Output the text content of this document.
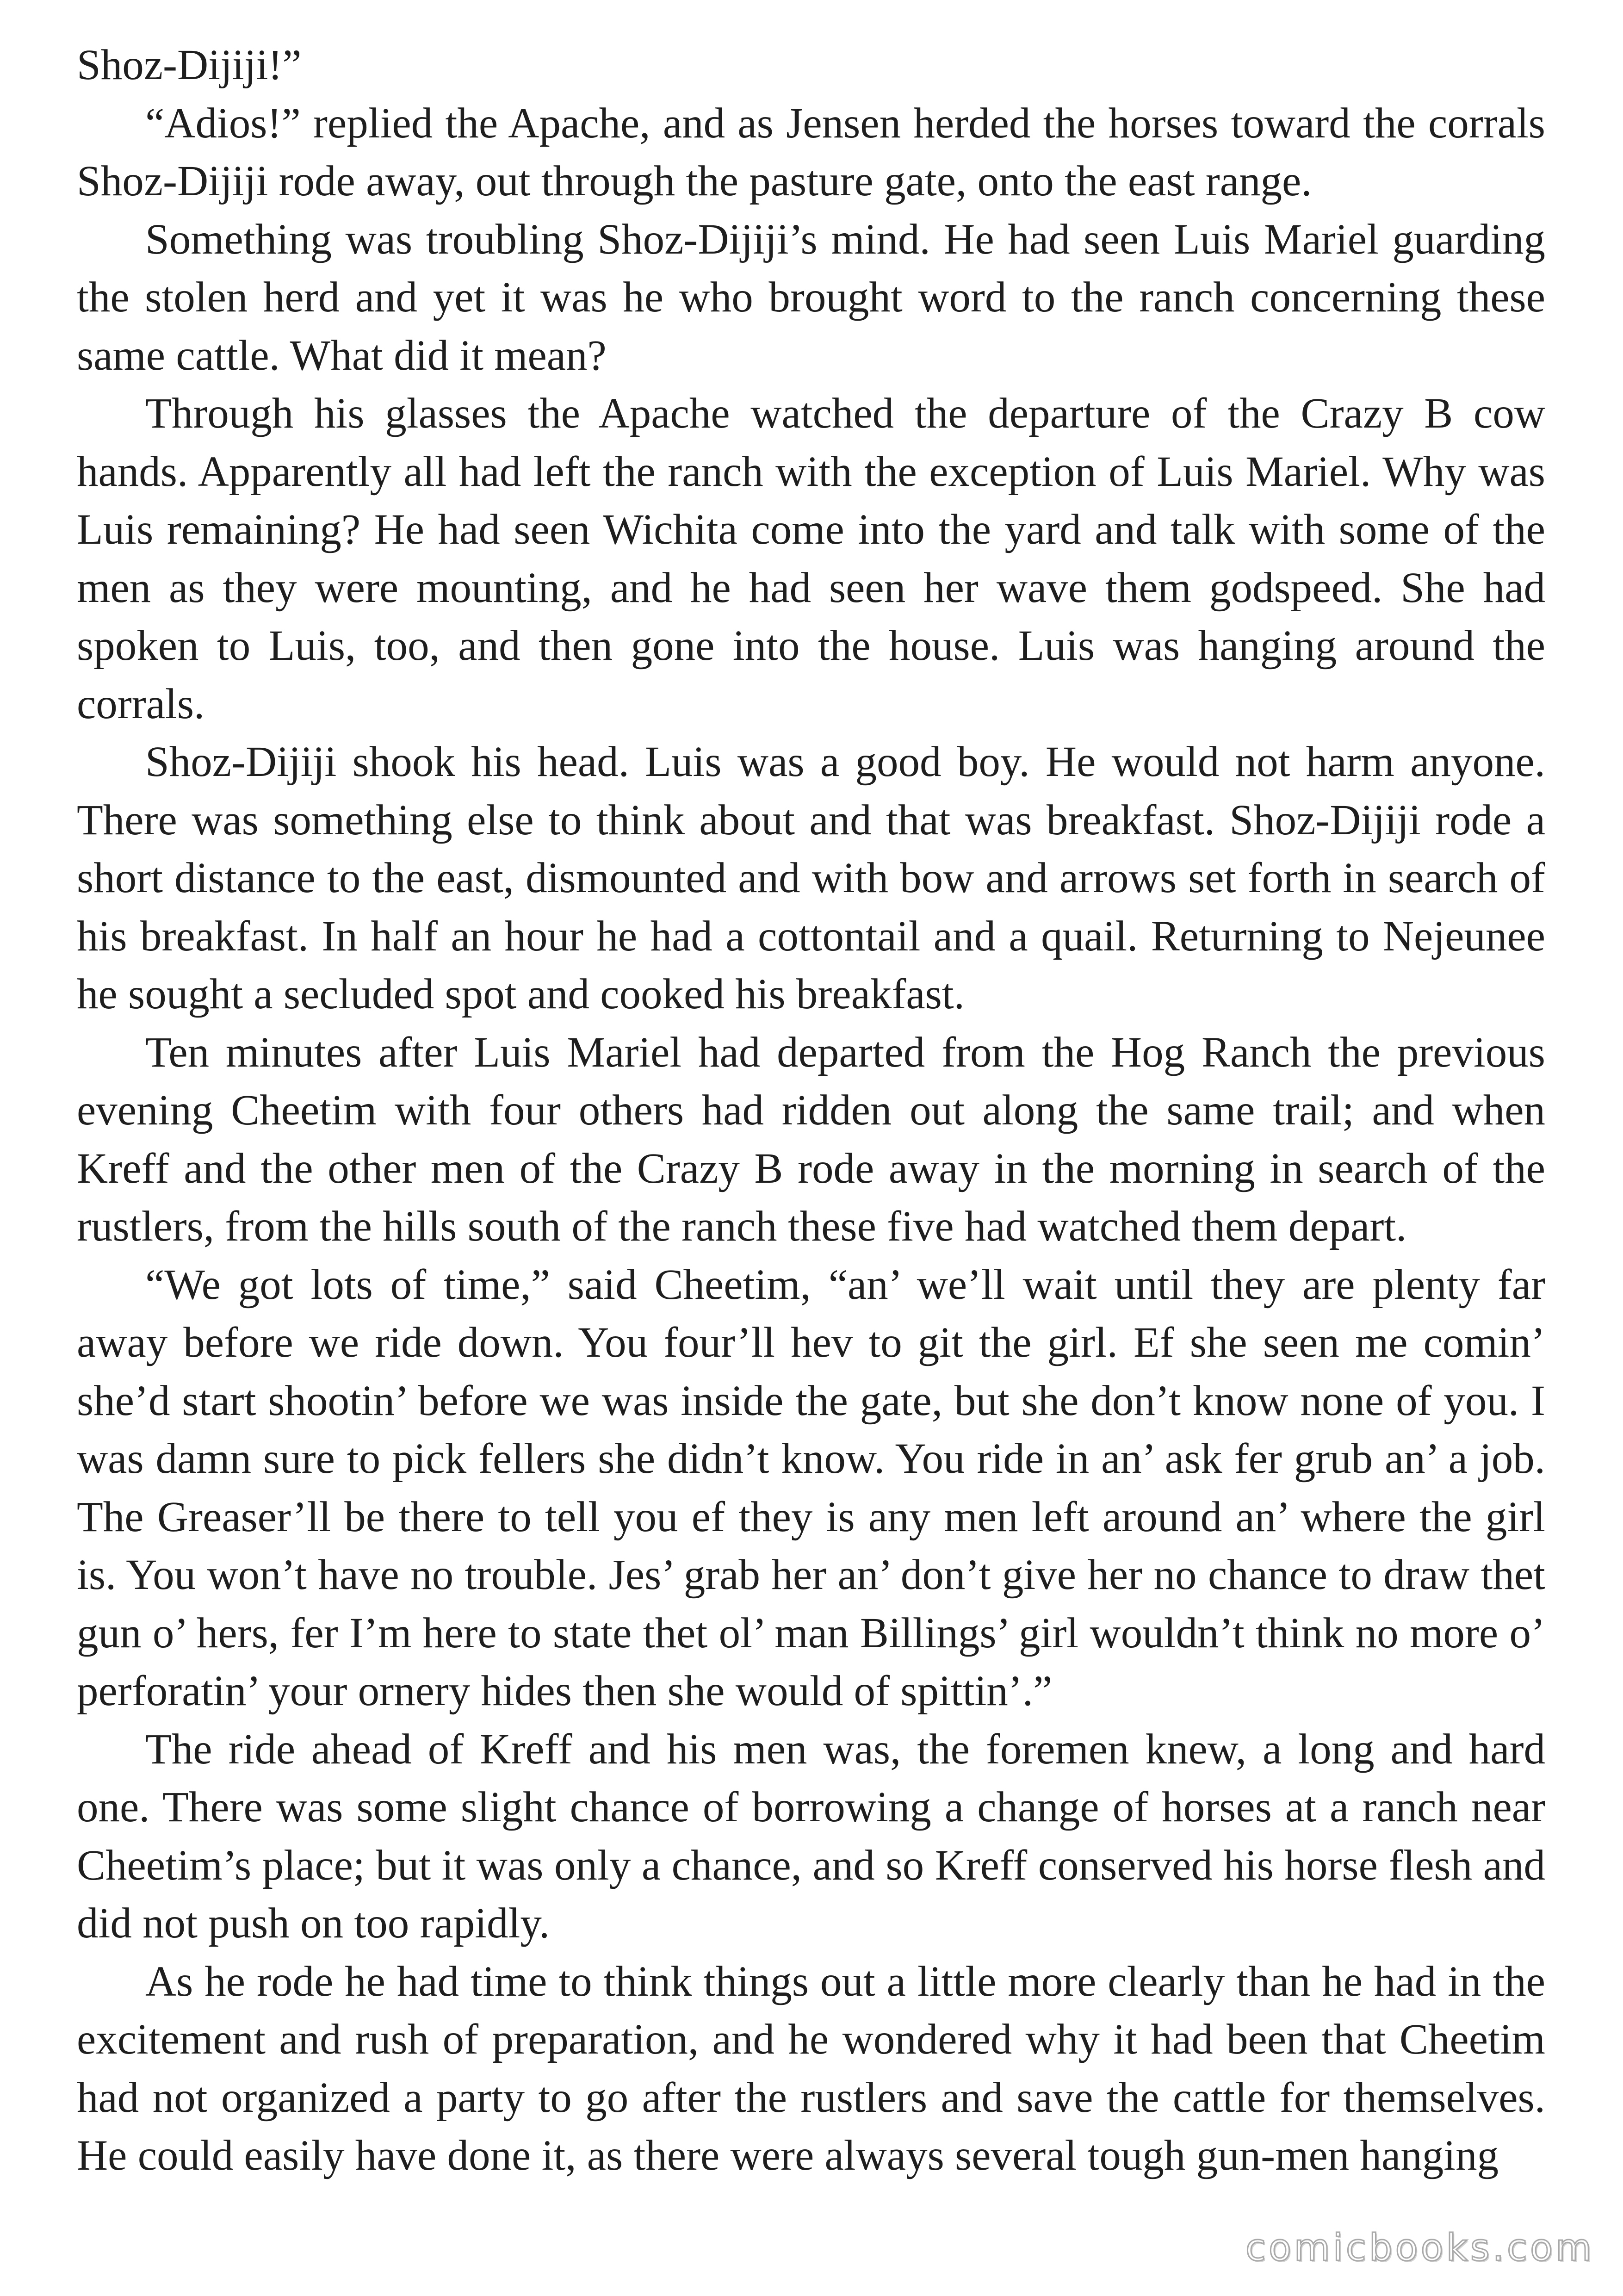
Shoz-Dijiji!”

“Adios!” replied the Apache, and as Jensen herded the horses toward the corrals Shoz-Dijiji rode away, out through the pasture gate, onto the east range.

Something was troubling Shoz-Dijiji’s mind. He had seen Luis Mariel guarding the stolen herd and yet it was he who brought word to the ranch concerning these same cattle. What did it mean?

Through his glasses the Apache watched the departure of the Crazy B cow hands. Apparently all had left the ranch with the exception of Luis Mariel. Why was Luis remaining? He had seen Wichita come into the yard and talk with some of the men as they were mounting, and he had seen her wave them godspeed. She had spoken to Luis, too, and then gone into the house. Luis was hanging around the corrals.

Shoz-Dijiji shook his head. Luis was a good boy. He would not harm anyone. There was something else to think about and that was breakfast. Shoz-Dijiji rode a short distance to the east, dismounted and with bow and arrows set forth in search of his breakfast. In half an hour he had a cottontail and a quail. Returning to Nejeunee he sought a secluded spot and cooked his breakfast.

Ten minutes after Luis Mariel had departed from the Hog Ranch the previous evening Cheetim with four others had ridden out along the same trail; and when Kreff and the other men of the Crazy B rode away in the morning in search of the rustlers, from the hills south of the ranch these five had watched them depart.

“We got lots of time,” said Cheetim, “an’ we’ll wait until they are plenty far away before we ride down. You four’ll hev to git the girl. Ef she seen me comin’ she’d start shootin’ before we was inside the gate, but she don’t know none of you. I was damn sure to pick fellers she didn’t know. You ride in an’ ask fer grub an’ a job. The Greaser’ll be there to tell you ef they is any men left around an’ where the girl is. You won’t have no trouble. Jes’ grab her an’ don’t give her no chance to draw thet gun o’ hers, fer I’m here to state thet ol’ man Billings’ girl wouldn’t think no more o’ perforatin’ your ornery hides then she would of spittin’.”

The ride ahead of Kreff and his men was, the foremen knew, a long and hard one. There was some slight chance of borrowing a change of horses at a ranch near Cheetim’s place; but it was only a chance, and so Kreff conserved his horse flesh and did not push on too rapidly.

As he rode he had time to think things out a little more clearly than he had in the excitement and rush of preparation, and he wondered why it had been that Cheetim had not organized a party to go after the rustlers and save the cattle for themselves. He could easily have done it, as there were always several tough gun-men hanging

comicbooks.com
